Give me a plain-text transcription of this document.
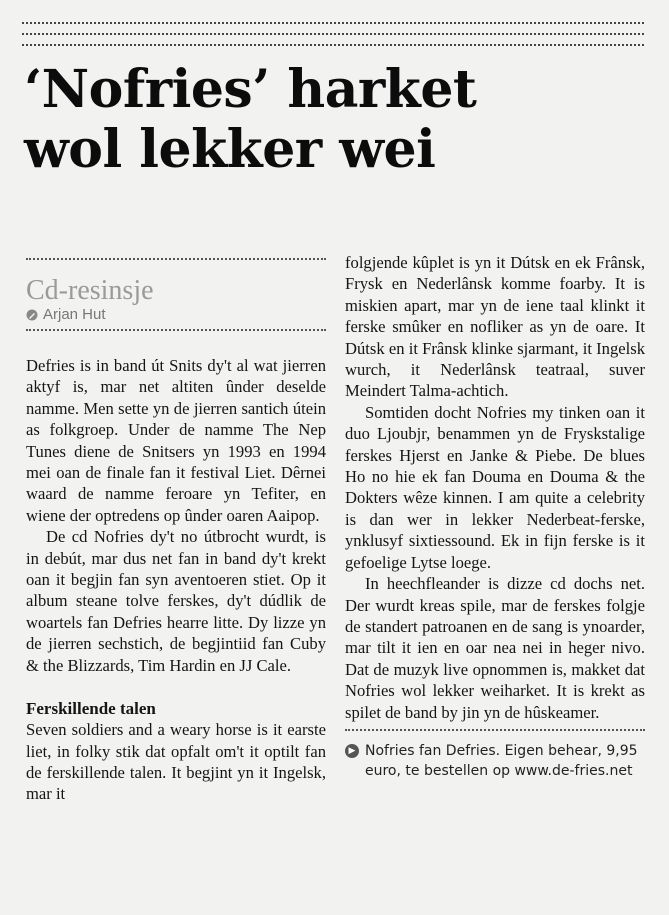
‘Nofries’ harket
wol lekker wei
Cd-resinsje
Arjan Hut

Defries is in band út Snits dy't al wat jierren aktyf is, mar net altiten ûnder deselde namme. Men sette yn de jierren santich útein as folkgroep. Under de namme The Nep Tunes diene de Snitsers yn 1993 en 1994 mei oan de finale fan it festival Liet. Dêrnei waard de namme feroare yn Tefiter, en wiene der optredens op ûnder oaren Aaipop.

De cd Nofries dy't no útbrocht wurdt, is in debút, mar dus net fan in band dy't krekt oan it begjin fan syn aventoeren stiet. Op it album steane tolve ferskes, dy't dúdlik de woartels fan Defries hearre litte. Dy lizze yn de jierren sechstich, de begjintiid fan Cuby & the Blizzards, Tim Hardin en JJ Cale.

Ferskillende talen

Seven soldiers and a weary horse is it earste liet, in folky stik dat opfalt om't it optilt fan de ferskillende talen. It begjint yn it Ingelsk, mar it

folgjende kûplet is yn it Dútsk en ek Frânsk, Frysk en Nederlânsk komme foarby. It is miskien apart, mar yn de iene taal klinkt it ferske smûker en nofliker as yn de oare. It Dútsk en it Frânsk klinke sjarmant, it Ingelsk wurch, it Nederlânsk teatraal, suver Meindert Talma-achtich.

Somtiden docht Nofries my tinken oan it duo Ljoubjr, benammen yn de Fryskstalige ferskes Hjerst en Janke & Piebe. De blues Ho no hie ek fan Douma en Douma & the Dokters wêze kinnen. I am quite a celebrity is dan wer in lekker Nederbeat-ferske, ynklusyf sixtiessound. Ek in fijn ferske is it gefoelige Lytse loege.

In heechfleander is dizze cd dochs net. Der wurdt kreas spile, mar de ferskes folgje de standert patroanen en de sang is ynoarder, mar tilt it ien en oar nea nei in heger nivo. Dat de muzyk live opnommen is, makket dat Nofries wol lekker weiharket. It is krekt as spilet de band by jin yn de hûskeamer.

▶ Nofries fan Defries. Eigen behear, 9,95 euro, te bestellen op www.de-fries.net
